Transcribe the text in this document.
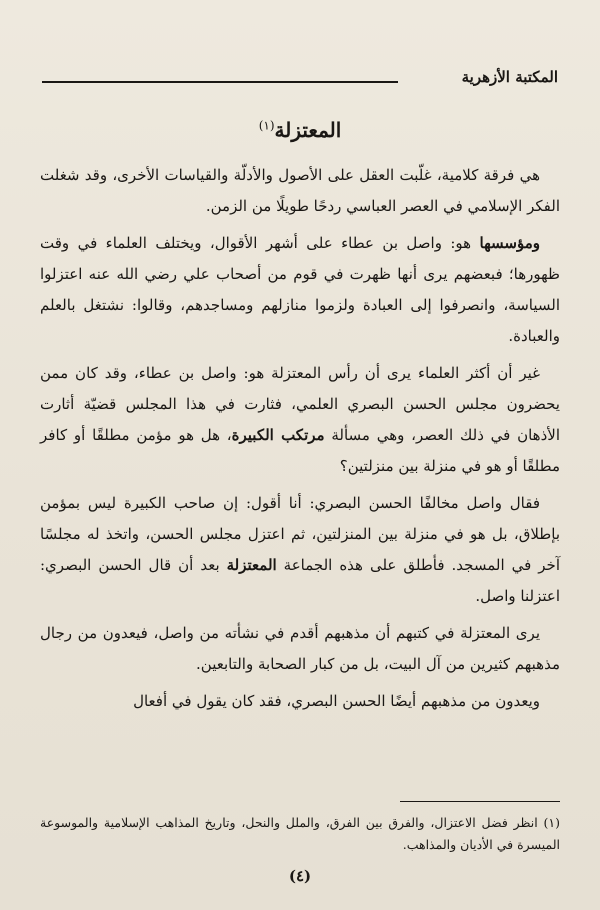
المكتبة الأزهرية
المعتزلة$^{(١)}$

هي فرقة كلامية، غلّبت العقل على الأصول والأدلّة والقياسات الأخرى، وقد شغلت الفكر الإسلامي في العصر العباسي ردحًا طويلًا من الزمن.

ومؤسسها هو: واصل بن عطاء على أشهر الأقوال، ويختلف العلماء في وقت ظهورها؛ فبعضهم يرى أنها ظهرت في قوم من أصحاب علي رضي الله عنه اعتزلوا السياسة، وانصرفوا إلى العبادة ولزموا منازلهم ومساجدهم، وقالوا: نشتغل بالعلم والعبادة.

غير أن أكثر العلماء يرى أن رأس المعتزلة هو: واصل بن عطاء، وقد كان ممن يحضرون مجلس الحسن البصري العلمي، فثارت في هذا المجلس قضيّة أثارت الأذهان في ذلك العصر، وهي مسألة مرتكب الكبيرة، هل هو مؤمن مطلقًا أو كافر مطلقًا أو هو في منزلة بين منزلتين؟

فقال واصل مخالفًا الحسن البصري: أنا أقول: إن صاحب الكبيرة ليس بمؤمن بإطلاق، بل هو في منزلة بين المنزلتين، ثم اعتزل مجلس الحسن، واتخذ له مجلسًا آخر في المسجد. فأطلق على هذه الجماعة المعتزلة بعد أن قال الحسن البصري: اعتزلنا واصل.

يرى المعتزلة في كتبهم أن مذهبهم أقدم في نشأته من واصل، فيعدون من رجال مذهبهم كثيرين من آل البيت، بل من كبار الصحابة والتابعين.

ويعدون من مذهبهم أيضًا الحسن البصري، فقد كان يقول في أفعال

(١) انظر فضل الاعتزال، والفرق بين الفرق، والملل والنحل، وتاريخ المذاهب الإسلامية والموسوعة الميسرة في الأديان والمذاهب.
(٤)
